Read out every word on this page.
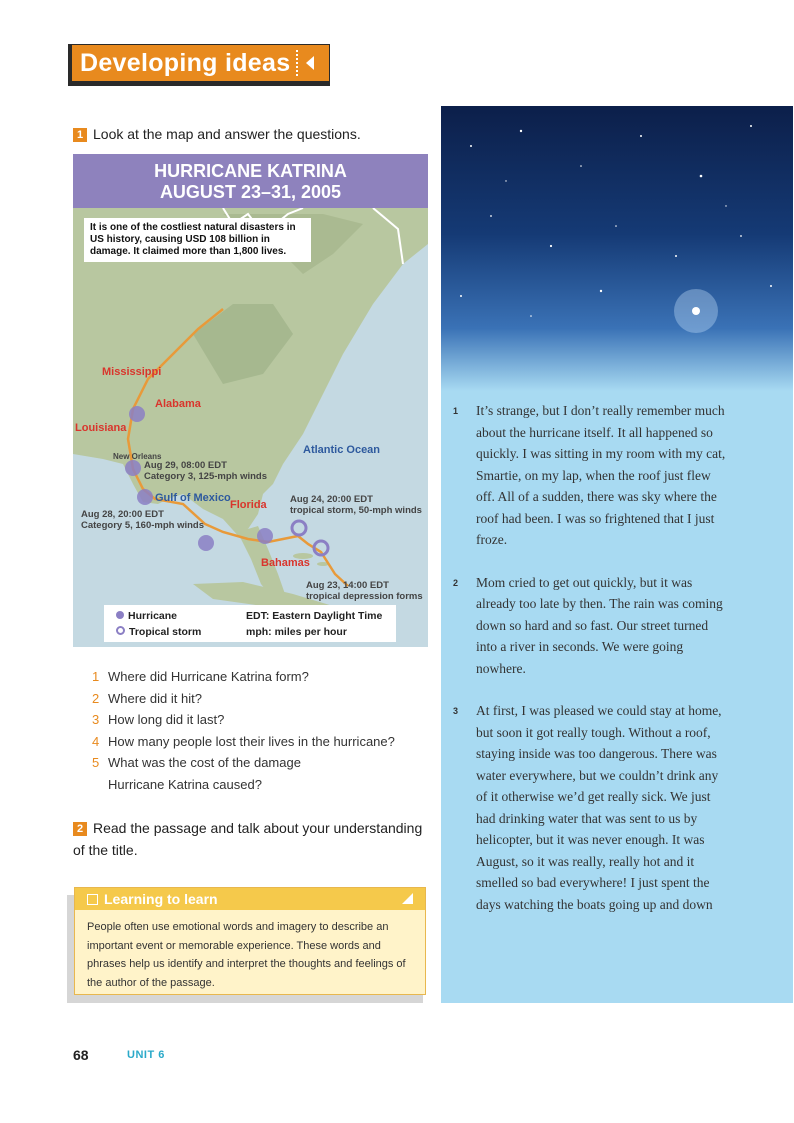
Developing ideas
1 Look at the map and answer the questions.
HURRICANE KATRINA
AUGUST 23–31, 2005
It is one of the costliest natural disasters in US history, causing USD 108 billion in damage. It claimed more than 1,800 lives.
Mississippi
Alabama
Louisiana
New Orleans
Atlantic Ocean
Gulf of Mexico
Florida
Bahamas
Aug 29, 08:00 EDT
Category 3, 125-mph winds
Aug 28, 20:00 EDT
Category 5, 160-mph winds
Aug 24, 20:00 EDT
tropical storm, 50-mph winds
Aug 23, 14:00 EDT
tropical depression forms
Hurricane
Tropical storm
EDT: Eastern Daylight Time
mph: miles per hour
1 Where did Hurricane Katrina form?
2 Where did it hit?
3 How long did it last?
4 How many people lost their lives in the hurricane?
5 What was the cost of the damage Hurricane Katrina caused?
2 Read the passage and talk about your understanding of the title.
Learning to learn
People often use emotional words and imagery to describe an important event or memorable experience. These words and phrases help us identify and interpret the thoughts and feelings of the author of the passage.
1 It’s strange, but I don’t really remember much about the hurricane itself. It all happened so quickly. I was sitting in my room with my cat, Smartie, on my lap, when the roof just flew off. All of a sudden, there was sky where the roof had been. I was so frightened that I just froze.
2 Mom cried to get out quickly, but it was already too late by then. The rain was coming down so hard and so fast. Our street turned into a river in seconds. We were going nowhere.
3 At first, I was pleased we could stay at home, but soon it got really tough. Without a roof, staying inside was too dangerous. There was water everywhere, but we couldn’t drink any of it otherwise we’d get really sick. We just had drinking water that was sent to us by helicopter, but it was never enough. It was August, so it was really, really hot and it smelled so bad everywhere! I just spent the days watching the boats going up and down
68	UNIT 6
